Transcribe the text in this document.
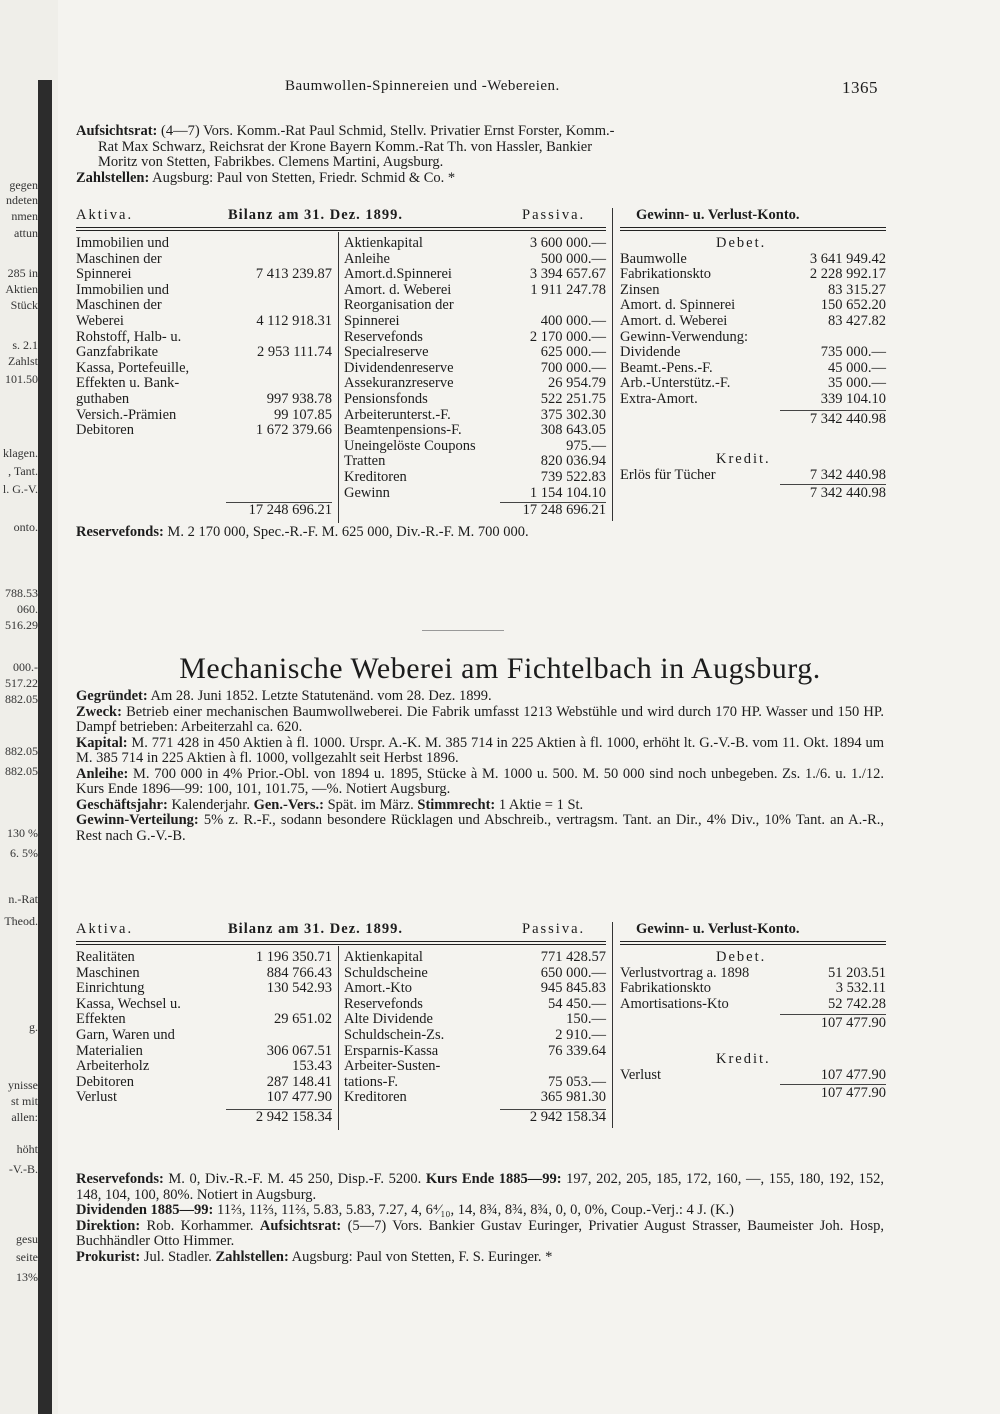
gegen
ndeten
nmen
attun
285 in
Aktien
Stück
s. 2.1
Zahlst
101.50
klagen.
, Tant.
l. G.-V.
onto.
788.53
060.
516.29
000.-
517.22
882.05
882.05
882.05
130 %
6. 5%
n.-Rat
Theod.
g.
ynisse
st mit
allen:
höht
-V.-B.
gesu
seite
13%
Baumwollen-Spinnereien und -Webereien.	1365
Aufsichtsrat: (4—7) Vors. Komm.-Rat Paul Schmid, Stellv. Privatier Ernst Forster, Komm.-
Rat Max Schwarz, Reichsrat der Krone Bayern Komm.-Rat Th. von Hassler, Bankier
Moritz von Stetten, Fabrikbes. Clemens Martini, Augsburg.
Zahlstellen: Augsburg: Paul von Stetten, Friedr. Schmid & Co. *
Aktiva.	Bilanz am 31. Dez. 1899.	Passiva.	Gewinn- u. Verlust-Konto.
Immobilien und
Maschinen der
Spinnerei	7 413 239.87
Immobilien und
Maschinen der
Weberei	4 112 918.31
Rohstoff, Halb- u.
Ganzfabrikate	2 953 111.74
Kassa, Portefeuille,
Effekten u. Bank-
guthaben	997 938.78
Versich.-Prämien	99 107.85
Debitoren	1 672 379.66
Aktienkapital	3 600 000.—
Anleihe	500 000.—
Amort.d.Spinnerei	3 394 657.67
Amort. d. Weberei	1 911 247.78
Reorganisation der
Spinnerei	400 000.—
Reservefonds	2 170 000.—
Specialreserve	625 000.—
Dividendenreserve	700 000.—
Assekuranzreserve	26 954.79
Pensionsfonds	522 251.75
Arbeiterunterst.-F.	375 302.30
Beamtenpensions-F.	308 643.05
Uneingelöste Coupons	975.—
Tratten	820 036.94
Kreditoren	739 522.83
Gewinn	1 154 104.10
17 248 696.21	17 248 696.21
Debet.
Baumwolle	3 641 949.42
Fabrikationskto	2 228 992.17
Zinsen	83 315.27
Amort. d. Spinnerei	150 652.20
Amort. d. Weberei	83 427.82
Gewinn-Verwendung:
Dividende	735 000.—
Beamt.-Pens.-F.	45 000.—
Arb.-Unterstütz.-F.	35 000.—
Extra-Amort.	339 104.10
7 342 440.98
Kredit.
Erlös für Tücher	7 342 440.98
7 342 440.98
Reservefonds: M. 2 170 000, Spec.-R.-F. M. 625 000, Div.-R.-F. M. 700 000.
Mechanische Weberei am Fichtelbach in Augsburg.
Gegründet: Am 28. Juni 1852. Letzte Statutenänd. vom 28. Dez. 1899.
Zweck: Betrieb einer mechanischen Baumwollweberei. Die Fabrik umfasst 1213 Webstühle und wird durch 170 HP. Wasser und 150 HP. Dampf betrieben: Arbeiterzahl ca. 620.
Kapital: M. 771 428 in 450 Aktien à fl. 1000. Urspr. A.-K. M. 385 714 in 225 Aktien à fl. 1000, erhöht lt. G.-V.-B. vom 11. Okt. 1894 um M. 385 714 in 225 Aktien à fl. 1000, vollgezahlt seit Herbst 1896.
Anleihe: M. 700 000 in 4% Prior.-Obl. von 1894 u. 1895, Stücke à M. 1000 u. 500. M. 50 000 sind noch unbegeben. Zs. 1./6. u. 1./12. Kurs Ende 1896—99: 100, 101, 101.75, —%. Notiert Augsburg.
Geschäftsjahr: Kalenderjahr. Gen.-Vers.: Spät. im März. Stimmrecht: 1 Aktie = 1 St.
Gewinn-Verteilung: 5% z. R.-F., sodann besondere Rücklagen und Abschreib., vertragsm. Tant. an Dir., 4% Div., 10% Tant. an A.-R., Rest nach G.-V.-B.
Aktiva.	Bilanz am 31. Dez. 1899.	Passiva.	Gewinn- u. Verlust-Konto.
Realitäten	1 196 350.71
Maschinen	884 766.43
Einrichtung	130 542.93
Kassa, Wechsel u.
Effekten	29 651.02
Garn, Waren und
Materialien	306 067.51
Arbeiterholz	153.43
Debitoren	287 148.41
Verlust	107 477.90
Aktienkapital	771 428.57
Schuldscheine	650 000.—
Amort.-Kto	945 845.83
Reservefonds	54 450.—
Alte Dividende	150.—
Schuldschein-Zs.	2 910.—
Ersparnis-Kassa	76 339.64
Arbeiter-Susten-
tations-F.	75 053.—
Kreditoren	365 981.30
2 942 158.34	2 942 158.34
Debet.
Verlustvortrag a. 1898	51 203.51
Fabrikationskto	3 532.11
Amortisations-Kto	52 742.28
107 477.90
Kredit.
Verlust	107 477.90
107 477.90
Reservefonds: M. 0, Div.-R.-F. M. 45 250, Disp.-F. 5200. Kurs Ende 1885—99: 197, 202, 205, 185, 172, 160, —, 155, 180, 192, 152, 148, 104, 100, 80%. Notiert in Augsburg.
Dividenden 1885—99: 11⅔, 11⅔, 11⅔, 5.83, 5.83, 7.27, 4, 6⁴⁄₁₀, 14, 8¾, 8¾, 8¾, 0, 0, 0%, Coup.-Verj.: 4 J. (K.)
Direktion: Rob. Korhammer. Aufsichtsrat: (5—7) Vors. Bankier Gustav Euringer, Privatier August Strasser, Baumeister Joh. Hosp, Buchhändler Otto Himmer.
Prokurist: Jul. Stadler. Zahlstellen: Augsburg: Paul von Stetten, F. S. Euringer. *
